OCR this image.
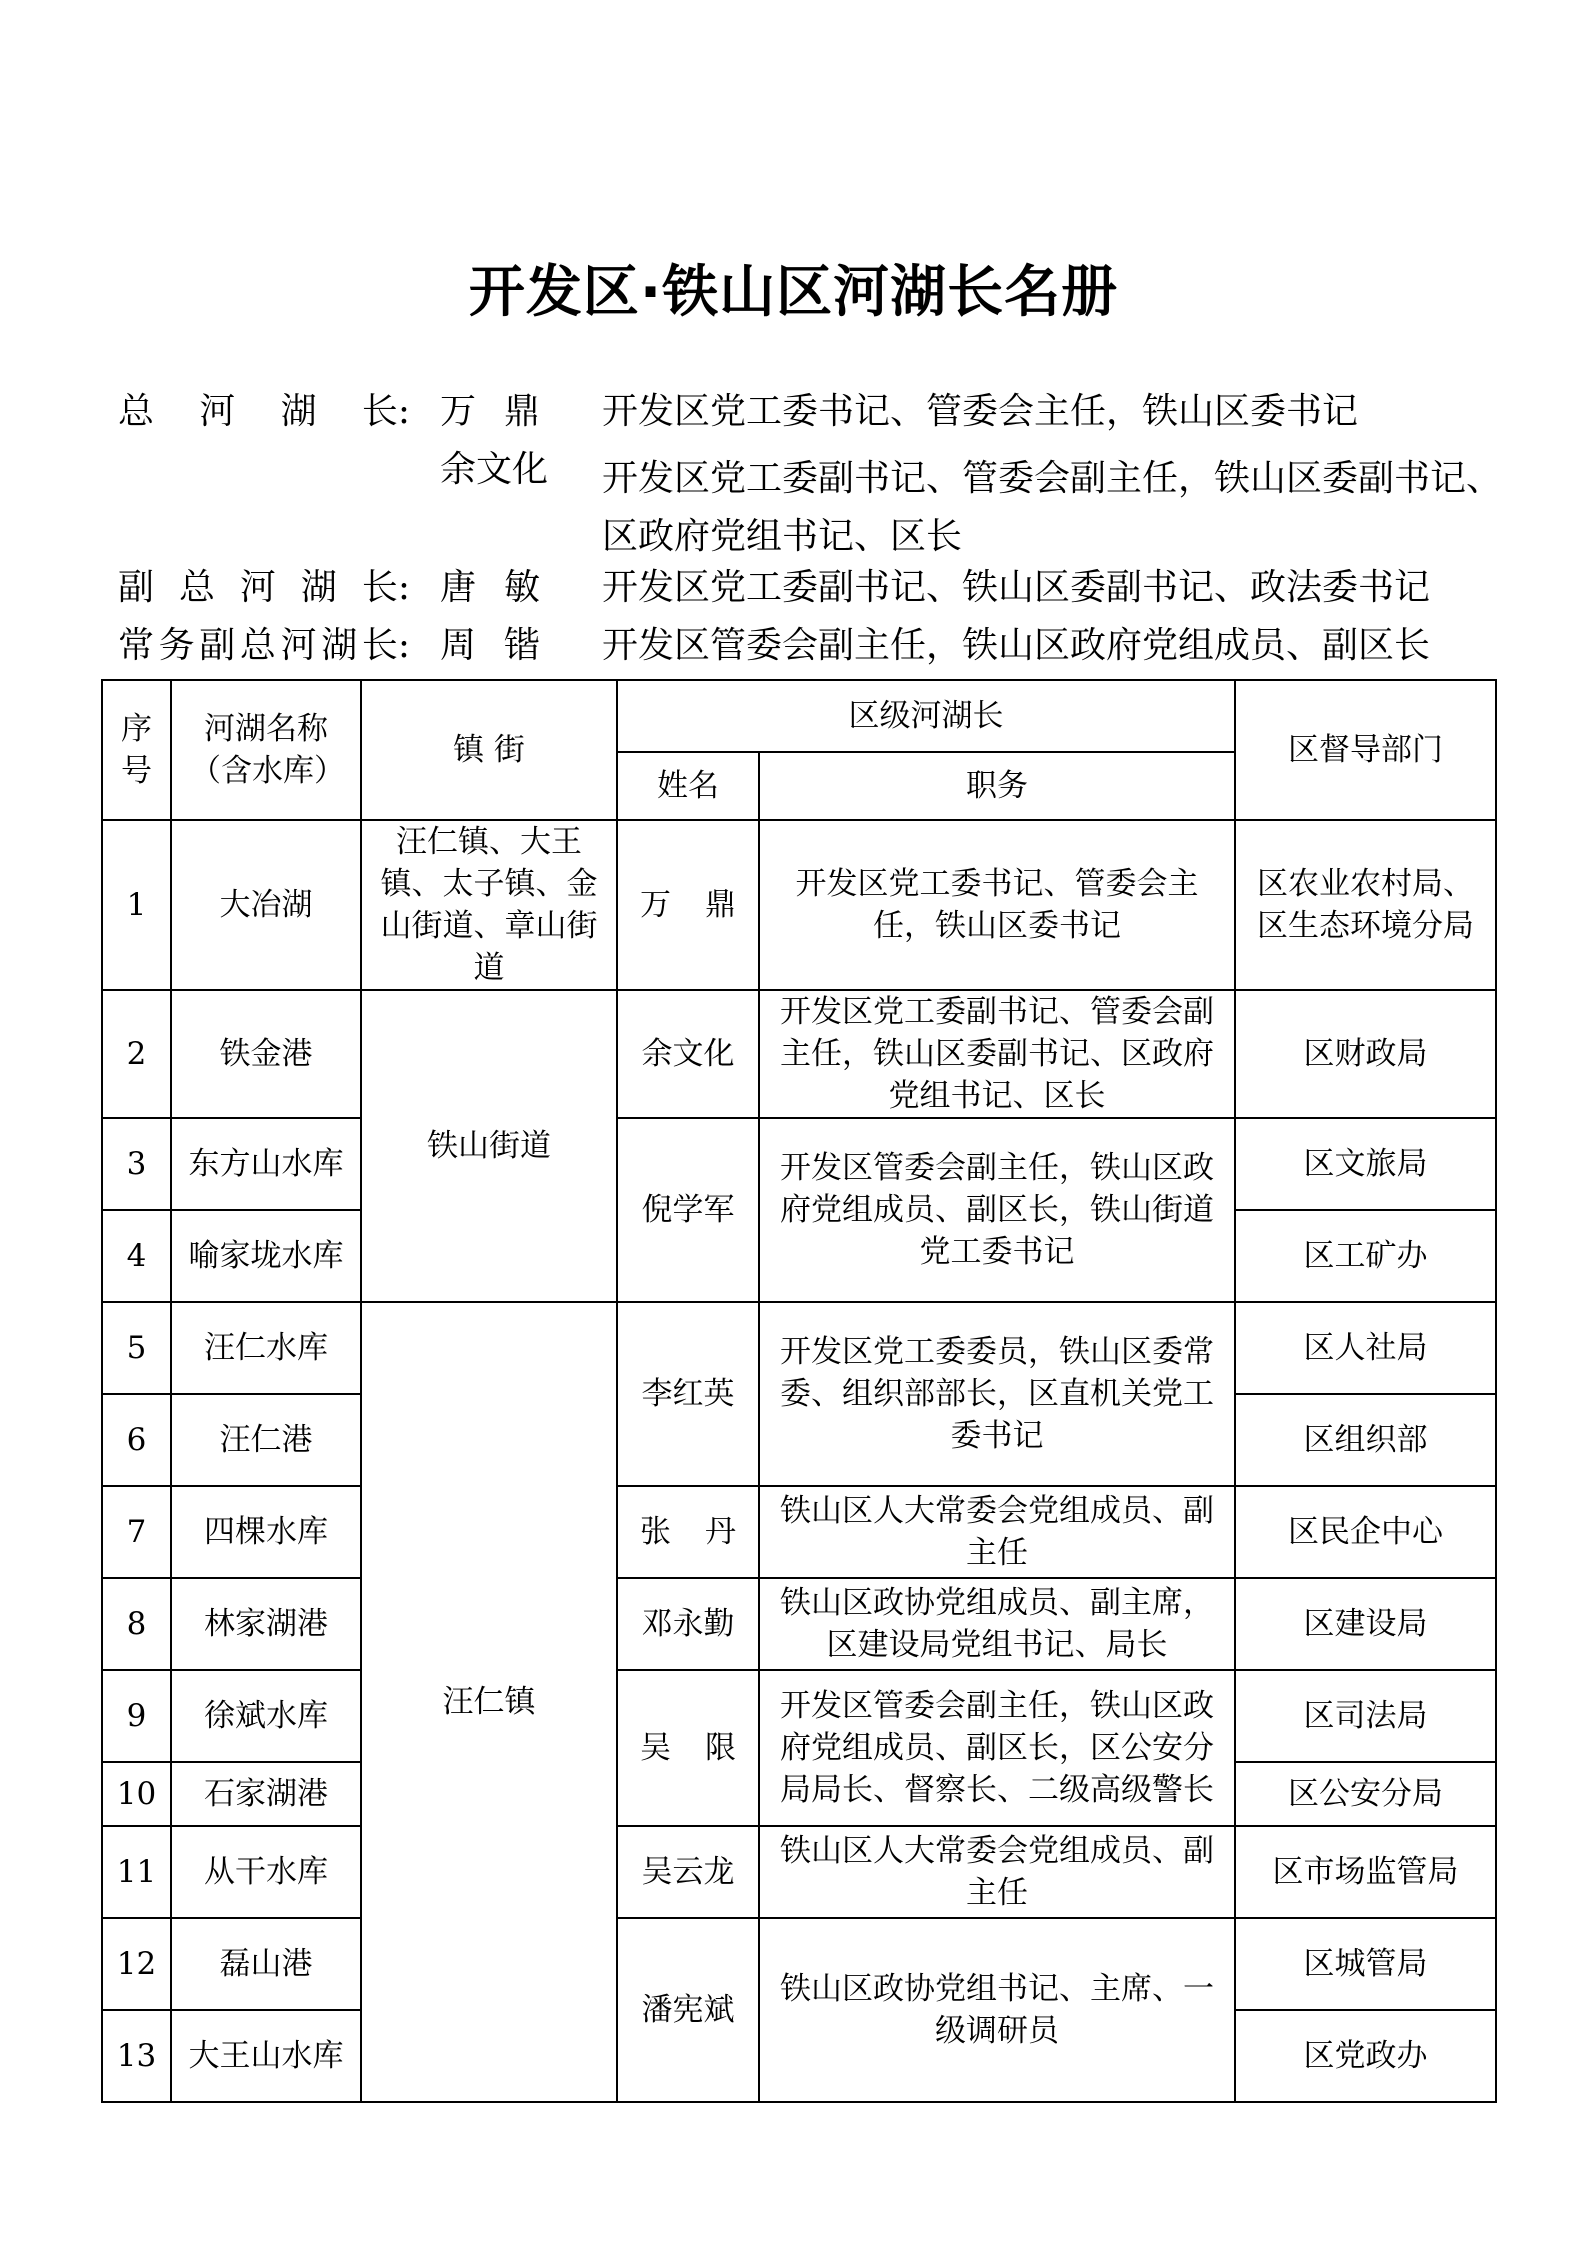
开发区·铁山区河湖长名册
总 河 湖 长: 万 鼎 开发区党工委书记、管委会主任，铁山区委书记
余文化 开发区党工委副书记、管委会副主任，铁山区委副书记、区政府党组书记、区长
副 总 河 湖 长: 唐 敏 开发区党工委副书记、铁山区委副书记、政法委书记
常 务 副 总 河 湖 长: 周 锴 开发区管委会副主任，铁山区政府党组成员、副区长
序号	河湖名称（含水库）	镇 街	区级河湖长		区督导部门
			姓名	职务	
1	大冶湖	汪仁镇、大王镇、太子镇、金山街道、章山街道	万 鼎	开发区党工委书记、管委会主任，铁山区委书记	区农业农村局、区生态环境分局
2	铁金港	铁山街道	余文化	开发区党工委副书记、管委会副主任，铁山区委副书记、区政府党组书记、区长	区财政局
3	东方山水库		倪学军	开发区管委会副主任，铁山区政府党组成员、副区长，铁山街道党工委书记	区文旅局
4	喻家垅水库				区工矿办
5	汪仁水库	汪仁镇	李红英	开发区党工委委员，铁山区委常委、组织部部长，区直机关党工委书记	区人社局
6	汪仁港				区组织部
7	四棵水库		张 丹	铁山区人大常委会党组成员、副主任	区民企中心
8	林家湖港		邓永勤	铁山区政协党组成员、副主席，区建设局党组书记、局长	区建设局
9	徐斌水库		吴 限	开发区管委会副主任，铁山区政府党组成员、副区长，区公安分局局长、督察长、二级高级警长	区司法局
10	石家湖港				区公安分局
11	从干水库		吴云龙	铁山区人大常委会党组成员、副主任	区市场监管局
12	磊山港		潘宪斌	铁山区政协党组书记、主席、一级调研员	区城管局
13	大王山水库				区党政办
